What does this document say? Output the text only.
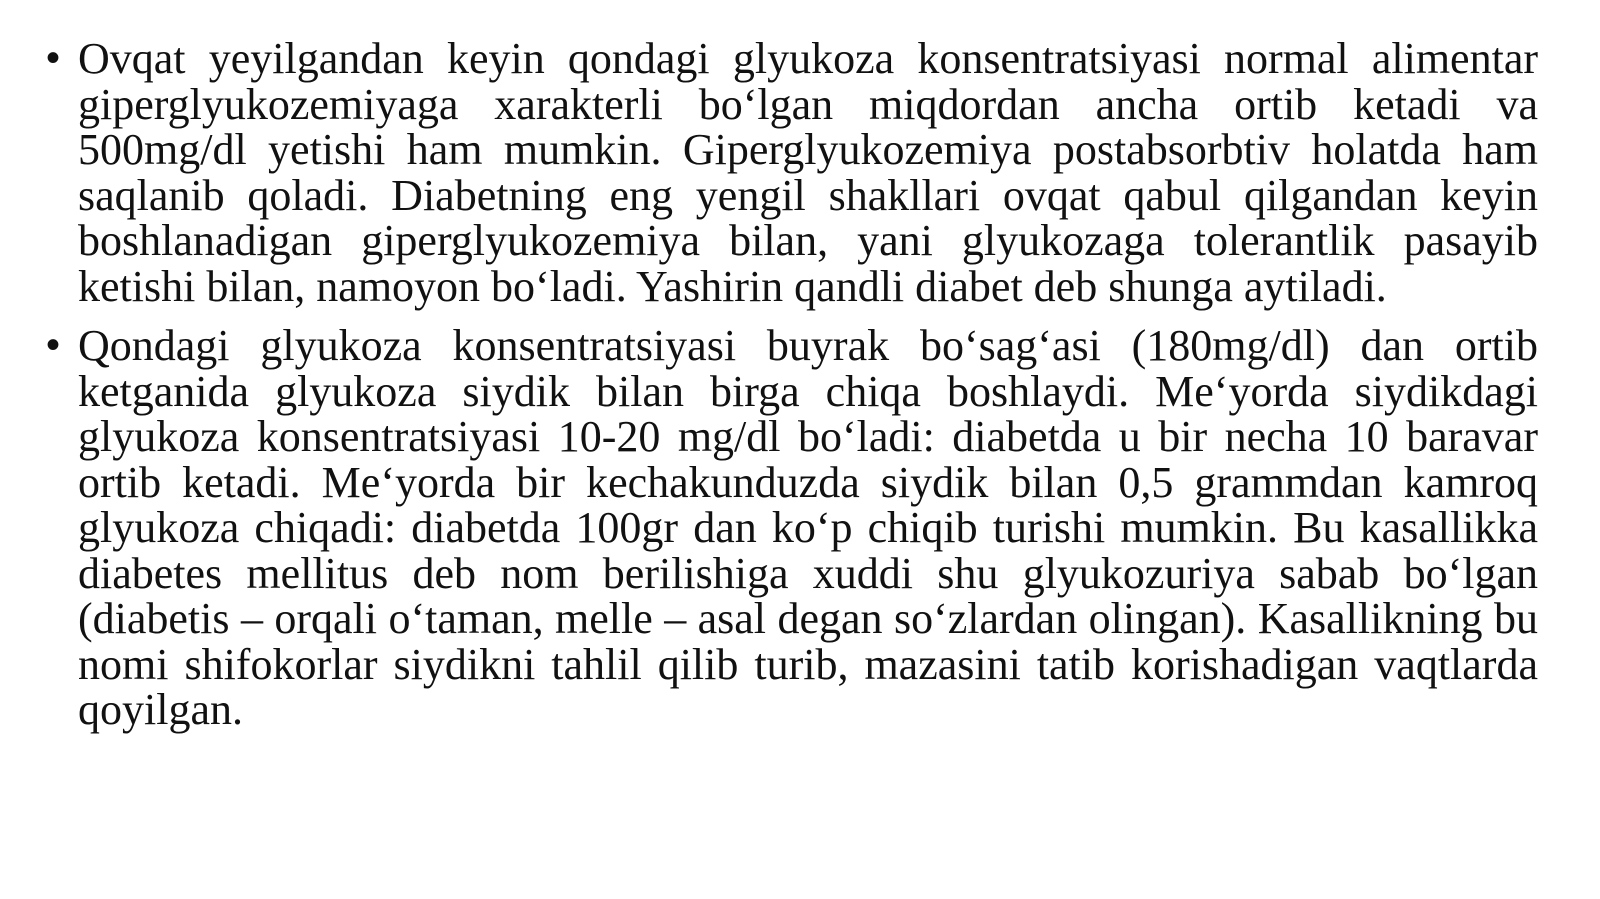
• Ovqat yeyilgandan keyin qondagi glyukoza konsentratsiyasi normal alimentar giperglyukozemiyaga xarakterli boʻlgan miqdordan ancha ortib ketadi va 500mg/dl yetishi ham mumkin. Giperglyukozemiya postabsorbtiv holatda ham saqlanib qoladi. Diabetning eng yengil shakllari ovqat qabul qilgandan keyin boshlanadigan giperglyukozemiya bilan, yani glyukozaga tolerantlik pasayib ketishi bilan, namoyon boʻladi. Yashirin qandli diabet deb shunga aytiladi.
• Qondagi glyukoza konsentratsiyasi buyrak boʻsagʻasi (180mg/dl) dan ortib ketganida glyukoza siydik bilan birga chiqa boshlaydi. Meʻyorda siydikdagi glyukoza konsentratsiyasi 10-20 mg/dl boʻladi: diabetda u bir necha 10 baravar ortib ketadi. Meʻyorda bir kechakunduzda siydik bilan 0,5 grammdan kamroq glyukoza chiqadi: diabetda 100gr dan koʻp chiqib turishi mumkin. Bu kasallikka diabetes mellitus deb nom berilishiga xuddi shu glyukozuriya sabab boʻlgan (diabetis – orqali oʻtaman, melle – asal degan soʻzlardan olingan). Kasallikning bu nomi shifokorlar siydikni tahlil qilib turib, mazasini tatib korishadigan vaqtlarda qoyilgan.
